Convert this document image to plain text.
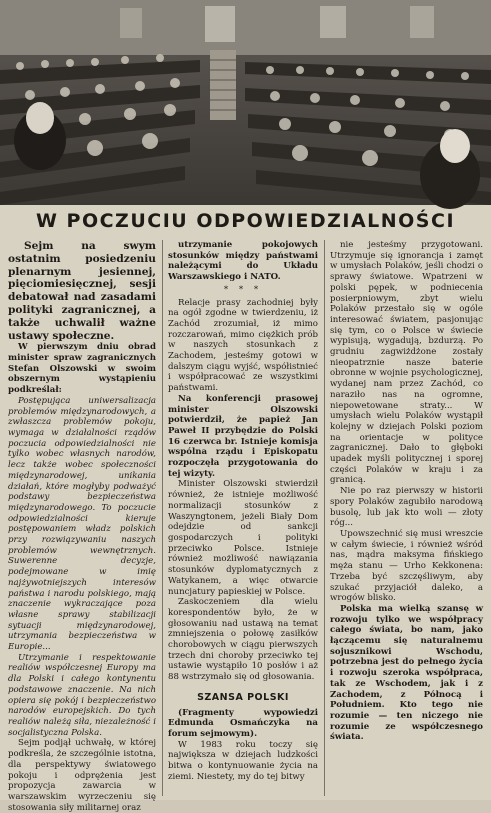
W POCZUCIU ODPOWIEDZIALNOŚCI

Sejm na swym ostatnim posiedzeniu plenarnym jesiennej, pięciomiesięcznej, sesji debatował nad zasadami polityki zagranicznej, a także uchwalił ważne ustawy społeczne.

W pierwszym dniu obrad minister spraw zagranicznych Stefan Olszowski w swoim obszernym wystąpieniu podkreślał:

Postępująca uniwersalizacja problemów międzynarodowych, a zwłaszcza problemów pokoju, wymaga w działalności rządów poczucia odpowiedzialności nie tylko wobec własnych narodów, lecz także wobec społeczności międzynarodowej, unikania działań, które mogłyby podważyć podstawy bezpieczeństwa międzynarodowego. To poczucie odpowiedzialności kieruje postępowaniem władz polskich przy rozwiązywaniu naszych problemów wewnętrznych. Suwerenne decyzje, podejmowane w imię najżywotniejszych interesów państwa i narodu polskiego, mają znaczenie wykraczające poza własne sprawy stabilizacji sytuacji międzynarodowej, utrzymania bezpieczeństwa w Europie...

Utrzymanie i respektowanie realiów współczesnej Europy ma dla Polski i całego kontynentu podstawowe znaczenie. Na nich opiera się pokój i bezpieczeństwo narodów europejskich. Do tych realiów należą siła, niezależność i socjalistyczna Polska.

Sejm podjął uchwałę, w której podkreśla, że szczególnie istotna, dla perspektywy światowego pokoju i odprężenia jest propozycja zawarcia w warszawskim wyrzeczeniu się stosowania siły militarnej oraz

utrzymanie pokojowych stosunków między państwami należącymi do Układu Warszawskiego i NATO.

* * *

Relacje prasy zachodniej były na ogół zgodne w twierdzeniu, iż Zachód zrozumiał, iż mimo rozczarowań, mimo ciężkich prób w naszych stosunkach z Zachodem, jesteśmy gotowi w dalszym ciągu wyjść, współistnieć i współpracować ze wszystkimi państwami.

Na konferencji prasowej minister Olszowski potwierdził, że papież Jan Paweł II przybędzie do Polski 16 czerwca br. Istnieje komisja wspólna rządu i Episkopatu rozpoczęła przygotowania do tej wizyty.

Minister Olszowski stwierdził również, że istnieje możliwość normalizacji stosunków z Waszyngtonem, jeżeli Biały Dom odejdzie od sankcji gospodarczych i polityki przeciwko Polsce. Istnieje również możliwość nawiązania stosunków dyplomatycznych z Watykanem, a więc otwarcie nuncjatury papieskiej w Polsce.

Zaskoczeniem dla wielu korespondentów było, że w głosowaniu nad ustawą na temat zmniejszenia o połowę zasiłków chorobowych w ciągu pierwszych trzech dni choroby przeciwko tej ustawie wystąpiło 10 posłów i aż 88 wstrzymało się od głosowania.

SZANSA POLSKI

(Fragmenty wypowiedzi Edmunda Osmańczyka na forum sejmowym).

W 1983 roku toczy się największa w dziejach ludzkości bitwa o kontynuowanie życia na ziemi. Niestety, my do tej bitwy

nie jesteśmy przygotowani. Utrzymuje się ignorancja i zamęt w umysłach Polaków, jeśli chodzi o sprawy światowe. Wpatrzeni w polski pępek, w podniecenia posierpniowym, zbyt wielu Polaków przestało się w ogóle interesować światem, pasjonując się tym, co o Polsce w świecie wypisują, wygadują, bzdurzą. Po grudniu zagwiżdżone zostały nieopatrznie nasze baterie obronne w wojnie psychologicznej, wydanej nam przez Zachód, co naraziło nas na ogromne, niepowetowane straty... W umysłach wielu Polaków wystąpił kolejny w dziejach Polski poziom na orientacje w polityce zagranicznej. Dało to głęboki upadek myśli politycznej i sporej części Polaków w kraju i za granicą.

Nie po raz pierwszy w historii spory Polaków zagubiło narodową busolę, lub jak kto woli — złoty róg...

Upowszechnić się musi wreszcie w całym świecie, i również wśród nas, mądra maksyma fińskiego męża stanu — Urho Kekkonena: Trzeba być szczęśliwym, aby szukać przyjaciół daleko, a wrogów blisko.

Polska ma wielką szansę w rozwoju tylko we współpracy całego świata, bo nam, jako łączącemu się naturalnemu sojusznikowi Wschodu, potrzebna jest do pełnego życia i rozwoju szeroka współpraca, tak ze Wschodem, jak i z Zachodem, z Północą i Południem. Kto tego nie rozumie — ten niczego nie rozumie ze współczesnego świata.
